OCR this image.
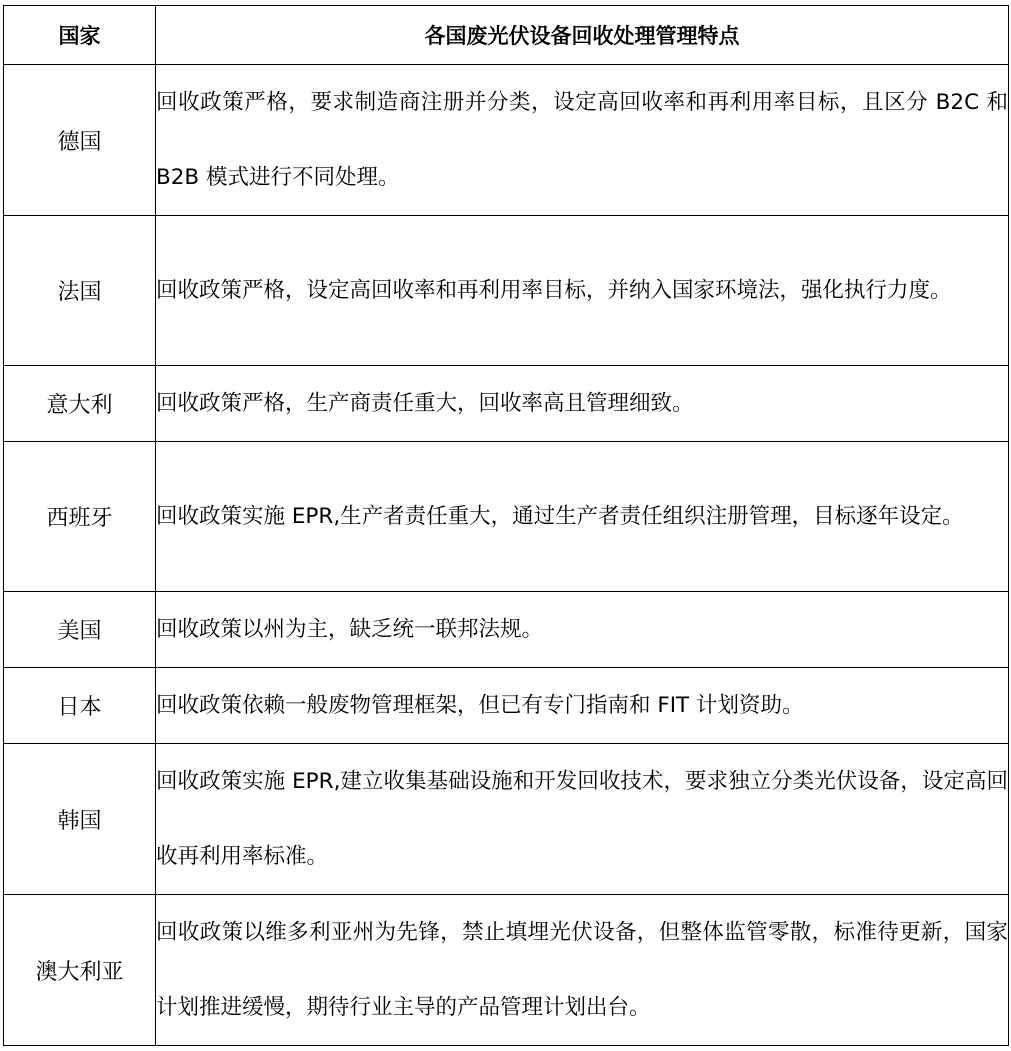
国家	各国废光伏设备回收处理管理特点
德国	回收政策严格，要求制造商注册并分类，设定高回收率和再利用率目标，且区分 B2C 和 B2B 模式进行不同处理。
法国	回收政策严格，设定高回收率和再利用率目标，并纳入国家环境法，强化执行力度。
意大利	回收政策严格，生产商责任重大，回收率高且管理细致。
西班牙	回收政策实施 EPR,生产者责任重大，通过生产者责任组织注册管理，目标逐年设定。
美国	回收政策以州为主，缺乏统一联邦法规。
日本	回收政策依赖一般废物管理框架，但已有专门指南和 FIT 计划资助。
韩国	回收政策实施 EPR,建立收集基础设施和开发回收技术，要求独立分类光伏设备，设定高回收再利用率标准。
澳大利亚	回收政策以维多利亚州为先锋，禁止填埋光伏设备，但整体监管零散，标准待更新，国家计划推进缓慢，期待行业主导的产品管理计划出台。
